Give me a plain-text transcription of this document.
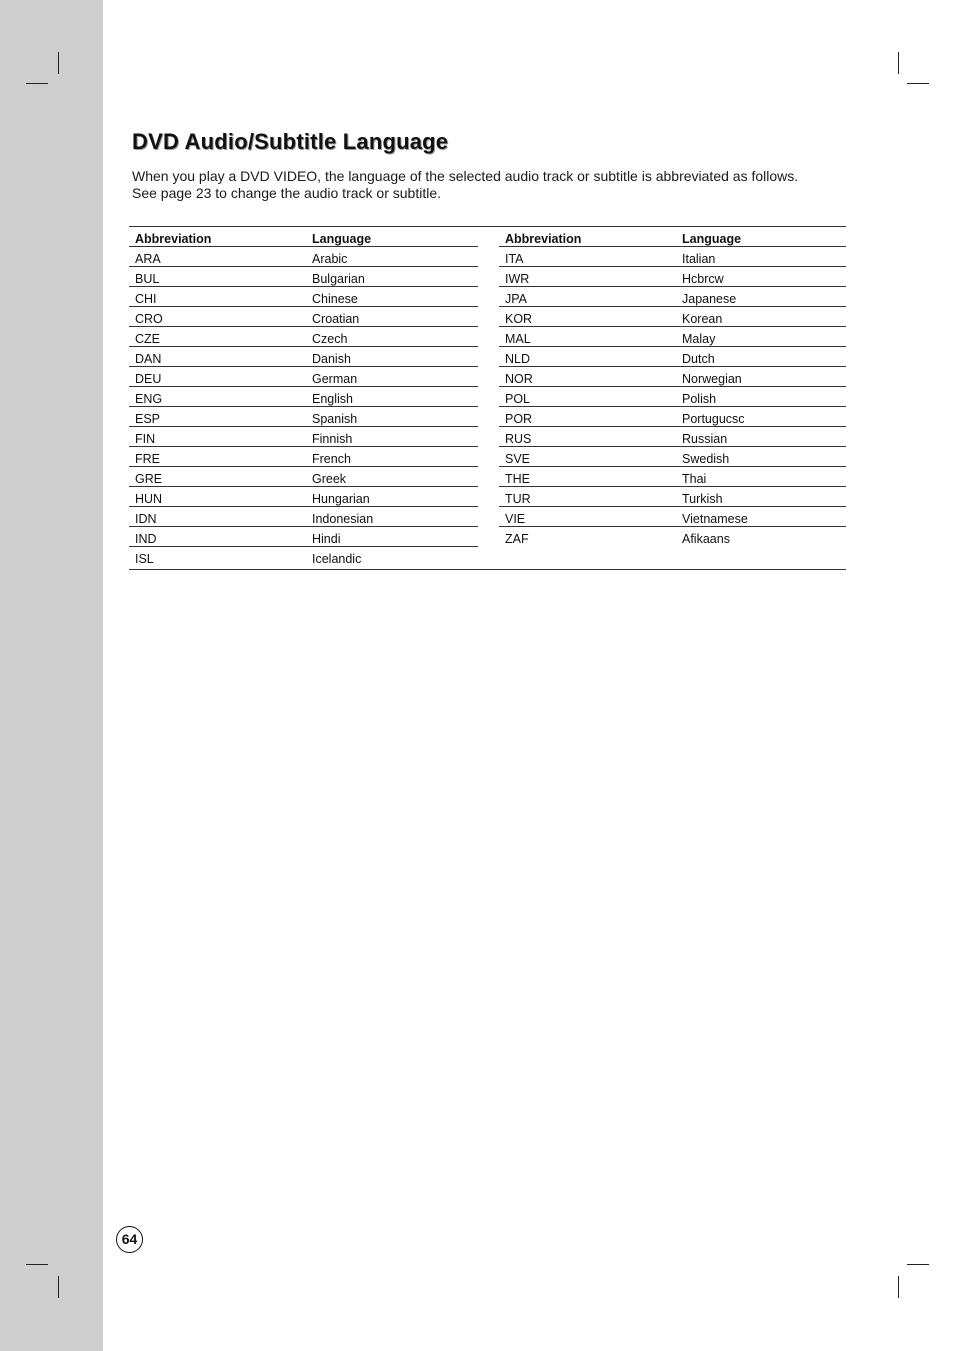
DVD Audio/Subtitle Language

When you play a DVD VIDEO, the language of the selected audio track or subtitle is abbreviated as follows.

See page 23 to change the audio track or subtitle.

Abbreviation	Language
ARA	Arabic
BUL	Bulgarian
CHI	Chinese
CRO	Croatian
CZE	Czech
DAN	Danish
DEU	German
ENG	English
ESP	Spanish
FIN	Finnish
FRE	French
GRE	Greek
HUN	Hungarian
IDN	Indonesian
IND	Hindi
ISL	Icelandic
Abbreviation	Language
ITA	Italian
IWR	Hcbrcw
JPA	Japanese
KOR	Korean
MAL	Malay
NLD	Dutch
NOR	Norwegian
POL	Polish
POR	Portugucsc
RUS	Russian
SVE	Swedish
THE	Thai
TUR	Turkish
VIE	Vietnamese
ZAF	Afikaans
64
